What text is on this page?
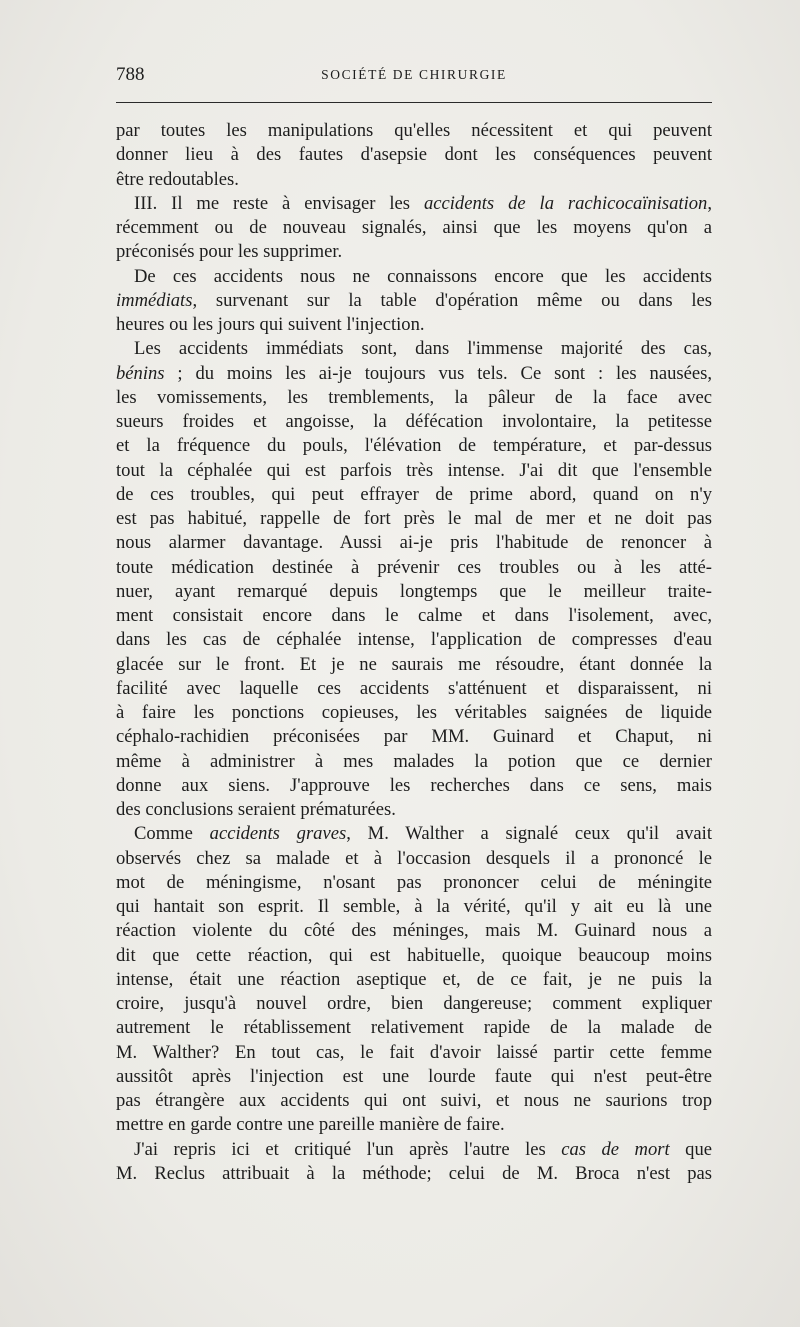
788	SOCIÉTÉ DE CHIRURGIE

par toutes les manipulations qu'elles nécessitent et qui peuvent

donner lieu à des fautes d'asepsie dont les conséquences peuvent

être redoutables.

III. Il me reste à envisager les accidents de la rachicocaïnisation,

récemment ou de nouveau signalés, ainsi que les moyens qu'on a

préconisés pour les supprimer.

De ces accidents nous ne connaissons encore que les accidents

immédiats, survenant sur la table d'opération même ou dans les

heures ou les jours qui suivent l'injection.

Les accidents immédiats sont, dans l'immense majorité des cas,

bénins ; du moins les ai-je toujours vus tels. Ce sont : les nausées,

les vomissements, les tremblements, la pâleur de la face avec

sueurs froides et angoisse, la défécation involontaire, la petitesse

et la fréquence du pouls, l'élévation de température, et par-dessus

tout la céphalée qui est parfois très intense. J'ai dit que l'ensemble

de ces troubles, qui peut effrayer de prime abord, quand on n'y

est pas habitué, rappelle de fort près le mal de mer et ne doit pas

nous alarmer davantage. Aussi ai-je pris l'habitude de renoncer à

toute médication destinée à prévenir ces troubles ou à les atté-

nuer, ayant remarqué depuis longtemps que le meilleur traite-

ment consistait encore dans le calme et dans l'isolement, avec,

dans les cas de céphalée intense, l'application de compresses d'eau

glacée sur le front. Et je ne saurais me résoudre, étant donnée la

facilité avec laquelle ces accidents s'atténuent et disparaissent, ni

à faire les ponctions copieuses, les véritables saignées de liquide

céphalo-rachidien préconisées par MM. Guinard et Chaput, ni

même à administrer à mes malades la potion que ce dernier

donne aux siens. J'approuve les recherches dans ce sens, mais

des conclusions seraient prématurées.

Comme accidents graves, M. Walther a signalé ceux qu'il avait

observés chez sa malade et à l'occasion desquels il a prononcé le

mot de méningisme, n'osant pas prononcer celui de méningite

qui hantait son esprit. Il semble, à la vérité, qu'il y ait eu là une

réaction violente du côté des méninges, mais M. Guinard nous a

dit que cette réaction, qui est habituelle, quoique beaucoup moins

intense, était une réaction aseptique et, de ce fait, je ne puis la

croire, jusqu'à nouvel ordre, bien dangereuse; comment expliquer

autrement le rétablissement relativement rapide de la malade de

M. Walther? En tout cas, le fait d'avoir laissé partir cette femme

aussitôt après l'injection est une lourde faute qui n'est peut-être

pas étrangère aux accidents qui ont suivi, et nous ne saurions trop

mettre en garde contre une pareille manière de faire.

J'ai repris ici et critiqué l'un après l'autre les cas de mort que

M. Reclus attribuait à la méthode; celui de M. Broca n'est pas
